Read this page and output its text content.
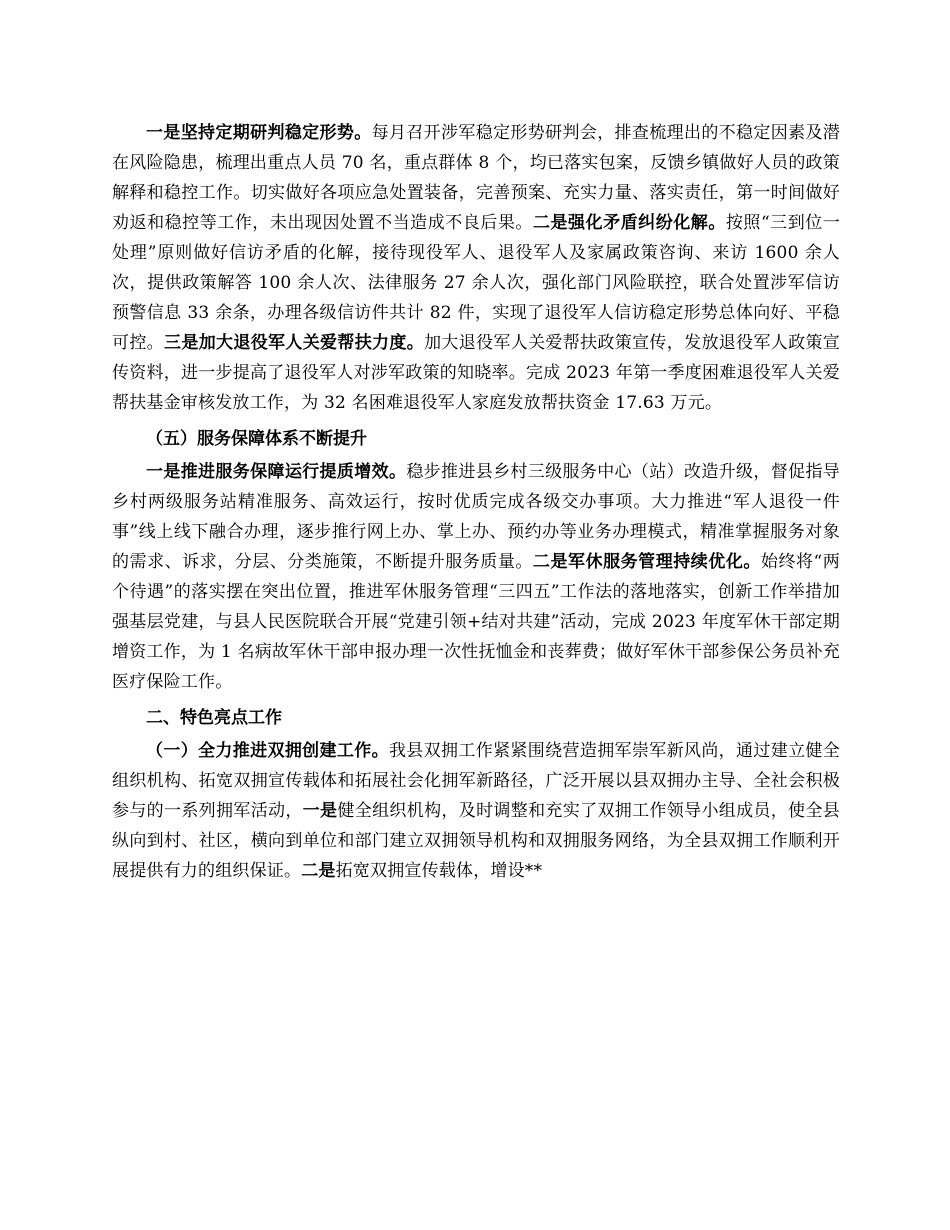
一是坚持定期研判稳定形势。每月召开涉军稳定形势研判会，排查梳理出的不稳定因素及潜在风险隐患，梳理出重点人员 70 名，重点群体 8 个，均已落实包案，反馈乡镇做好人员的政策解释和稳控工作。切实做好各项应急处置装备，完善预案、充实力量、落实责任，第一时间做好劝返和稳控等工作，未出现因处置不当造成不良后果。二是强化矛盾纠纷化解。按照“三到位一处理”原则做好信访矛盾的化解，接待现役军人、退役军人及家属政策咨询、来访 1600 余人次，提供政策解答 100 余人次、法律服务 27 余人次，强化部门风险联控，联合处置涉军信访预警信息 33 余条，办理各级信访件共计 82 件，实现了退役军人信访稳定形势总体向好、平稳可控。三是加大退役军人关爱帮扶力度。加大退役军人关爱帮扶政策宣传，发放退役军人政策宣传资料，进一步提高了退役军人对涉军政策的知晓率。完成 2023 年第一季度困难退役军人关爱帮扶基金审核发放工作，为 32 名困难退役军人家庭发放帮扶资金 17.63 万元。

（五）服务保障体系不断提升

一是推进服务保障运行提质增效。稳步推进县乡村三级服务中心（站）改造升级，督促指导乡村两级服务站精准服务、高效运行，按时优质完成各级交办事项。大力推进“军人退役一件事”线上线下融合办理，逐步推行网上办、掌上办、预约办等业务办理模式，精准掌握服务对象的需求、诉求，分层、分类施策，不断提升服务质量。二是军休服务管理持续优化。始终将“两个待遇”的落实摆在突出位置，推进军休服务管理“三四五”工作法的落地落实，创新工作举措加强基层党建，与县人民医院联合开展“党建引领+结对共建”活动，完成 2023 年度军休干部定期增资工作，为 1 名病故军休干部申报办理一次性抚恤金和丧葬费；做好军休干部参保公务员补充医疗保险工作。

二、特色亮点工作

（一）全力推进双拥创建工作。我县双拥工作紧紧围绕营造拥军崇军新风尚，通过建立健全组织机构、拓宽双拥宣传载体和拓展社会化拥军新路径，广泛开展以县双拥办主导、全社会积极参与的一系列拥军活动，一是健全组织机构，及时调整和充实了双拥工作领导小组成员，使全县纵向到村、社区，横向到单位和部门建立双拥领导机构和双拥服务网络，为全县双拥工作顺利开展提供有力的组织保证。二是拓宽双拥宣传载体，增设**
